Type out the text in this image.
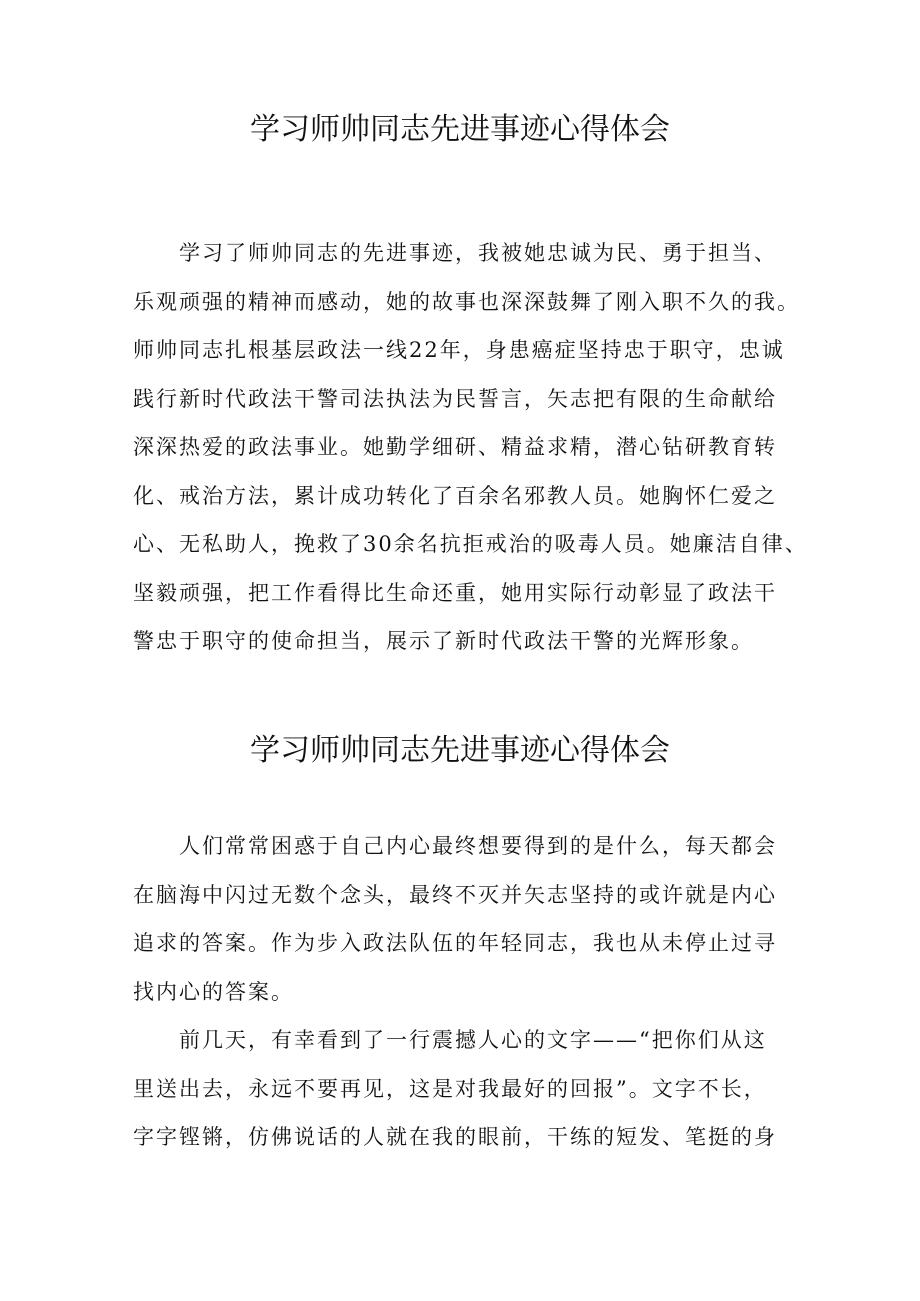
学习师帅同志先进事迹心得体会
学习了师帅同志的先进事迹，我被她忠诚为民、勇于担当、
乐观顽强的精神而感动，她的故事也深深鼓舞了刚入职不久的我。
师帅同志扎根基层政法一线22年，身患癌症坚持忠于职守，忠诚
践行新时代政法干警司法执法为民誓言，矢志把有限的生命献给
深深热爱的政法事业。她勤学细研、精益求精，潜心钻研教育转
化、戒治方法，累计成功转化了百余名邪教人员。她胸怀仁爱之
心、无私助人，挽救了30余名抗拒戒治的吸毒人员。她廉洁自律、
坚毅顽强，把工作看得比生命还重，她用实际行动彰显了政法干
警忠于职守的使命担当，展示了新时代政法干警的光辉形象。
学习师帅同志先进事迹心得体会
人们常常困惑于自己内心最终想要得到的是什么，每天都会
在脑海中闪过无数个念头，最终不灭并矢志坚持的或许就是内心
追求的答案。作为步入政法队伍的年轻同志，我也从未停止过寻
找内心的答案。
前几天，有幸看到了一行震撼人心的文字——“把你们从这
里送出去，永远不要再见，这是对我最好的回报”。文字不长，
字字铿锵，仿佛说话的人就在我的眼前，干练的短发、笔挺的身
